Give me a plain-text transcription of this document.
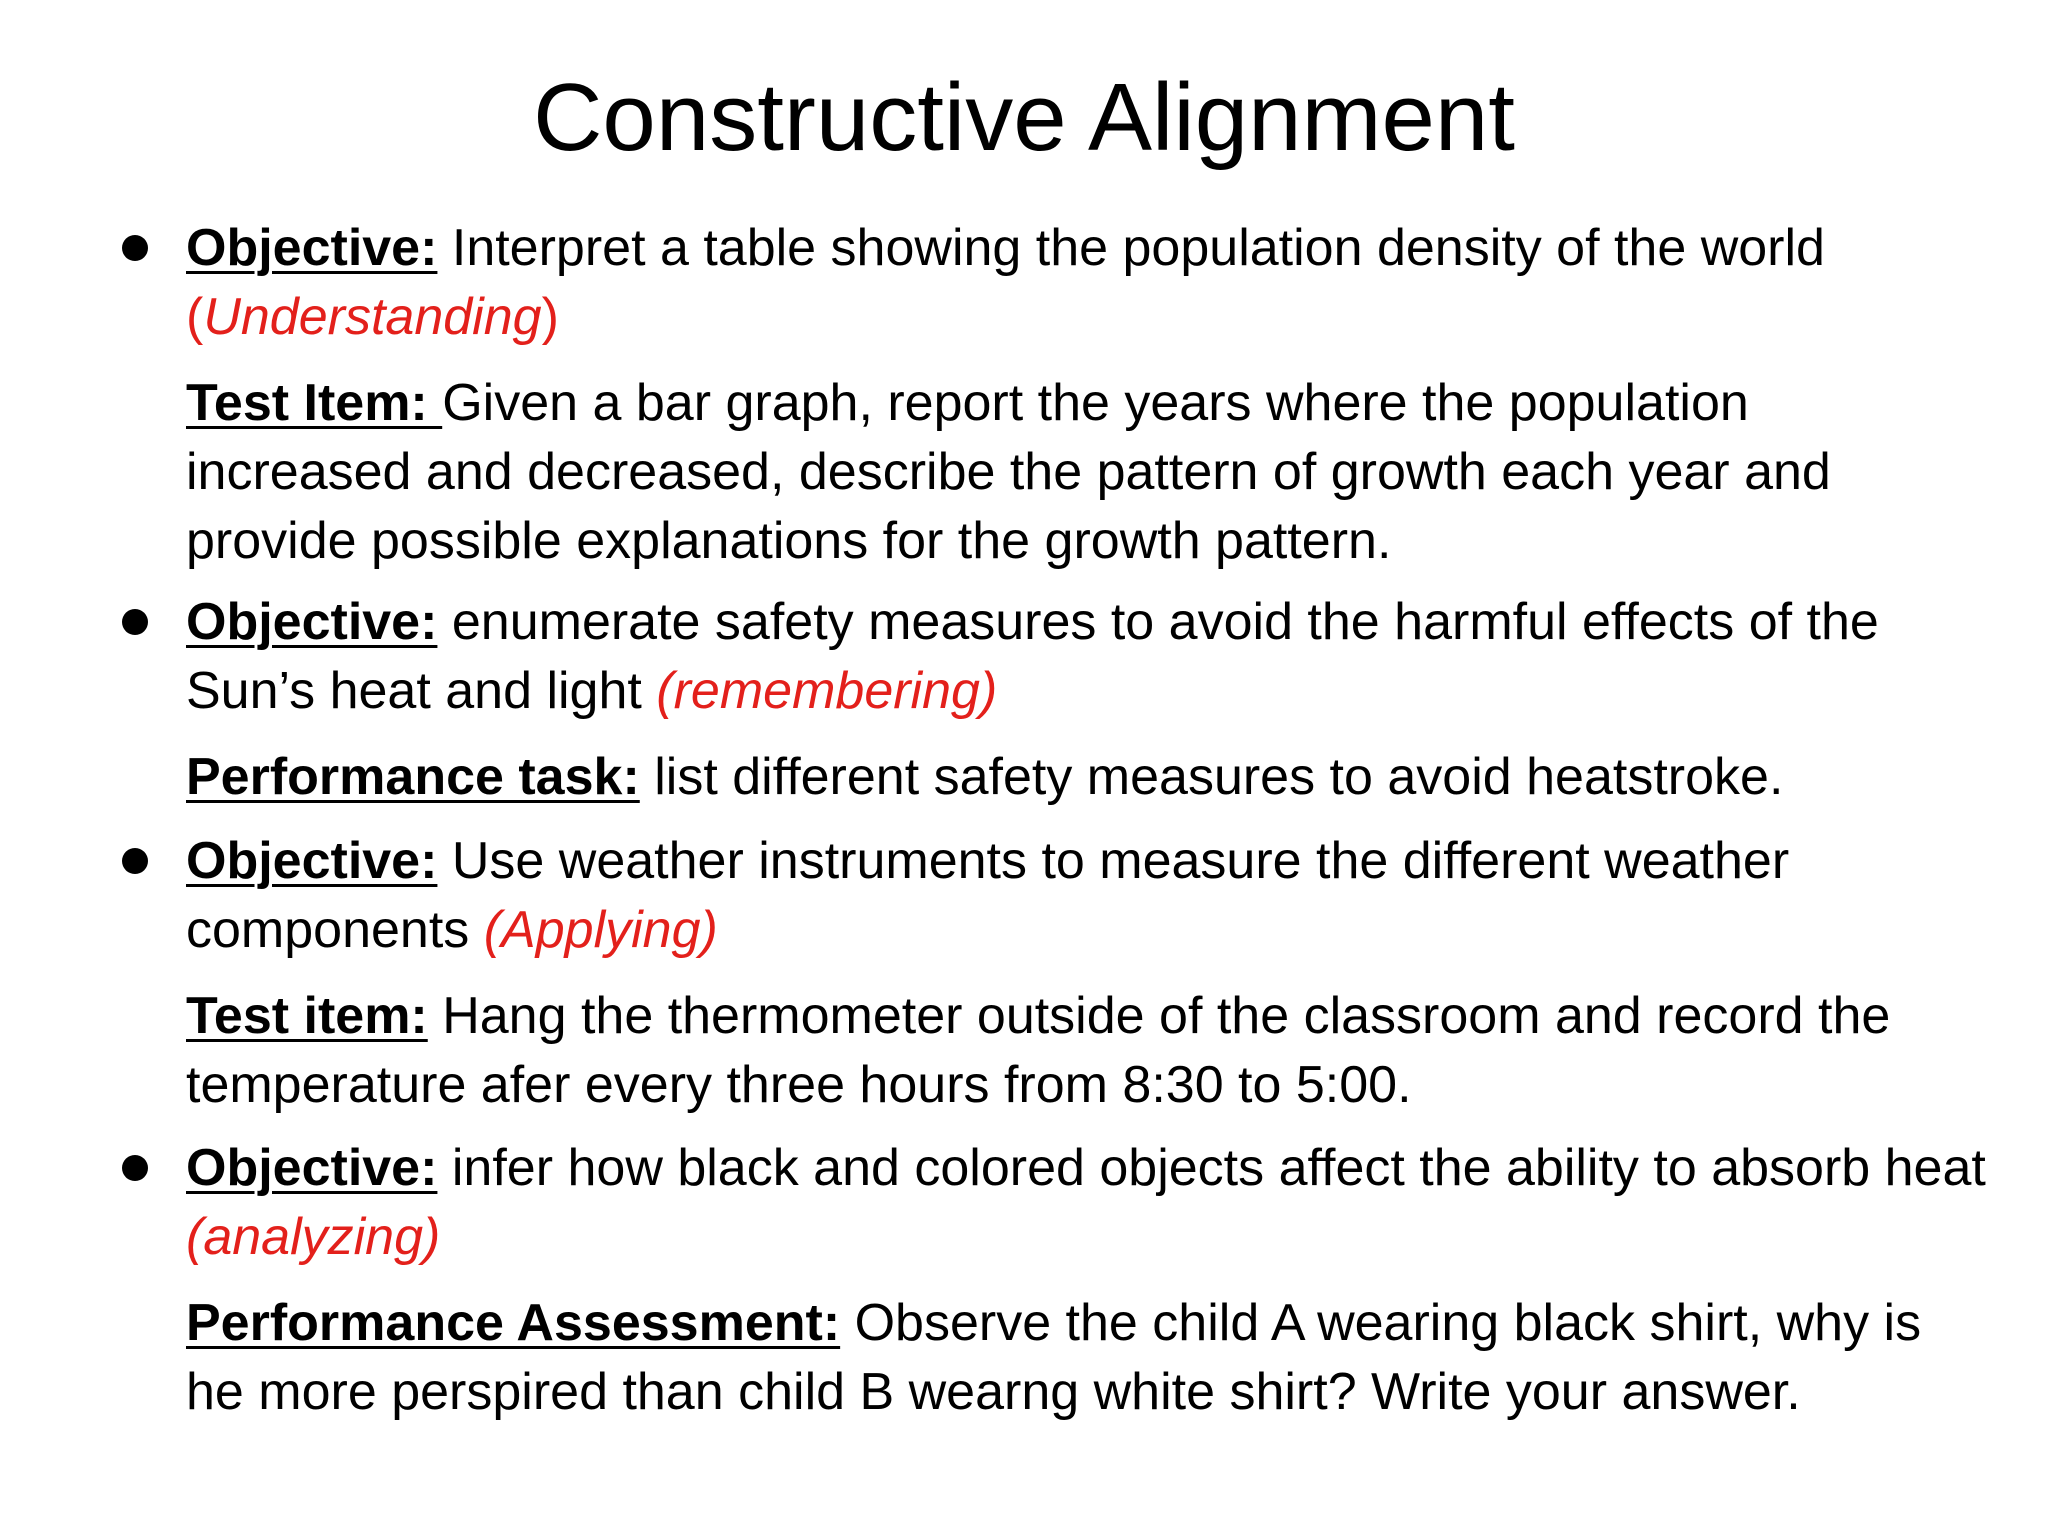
Constructive Alignment

Objective: Interpret a table showing the population density of the world (Understanding)

Test Item: Given a bar graph, report the years where the population increased and decreased, describe the pattern of growth each year and provide possible explanations for the growth pattern.

Objective: enumerate safety measures to avoid the harmful effects of the Sun’s heat and light (remembering)

Performance task: list different safety measures to avoid heatstroke.

Objective: Use weather instruments to measure the different weather components (Applying)

Test item: Hang the thermometer outside of the classroom and record the temperature afer every three hours from 8:30 to 5:00.

Objective: infer how black and colored objects affect the ability to absorb heat (analyzing)

Performance Assessment: Observe the child A wearing black shirt, why is he more perspired than child B wearng white shirt? Write your answer.
